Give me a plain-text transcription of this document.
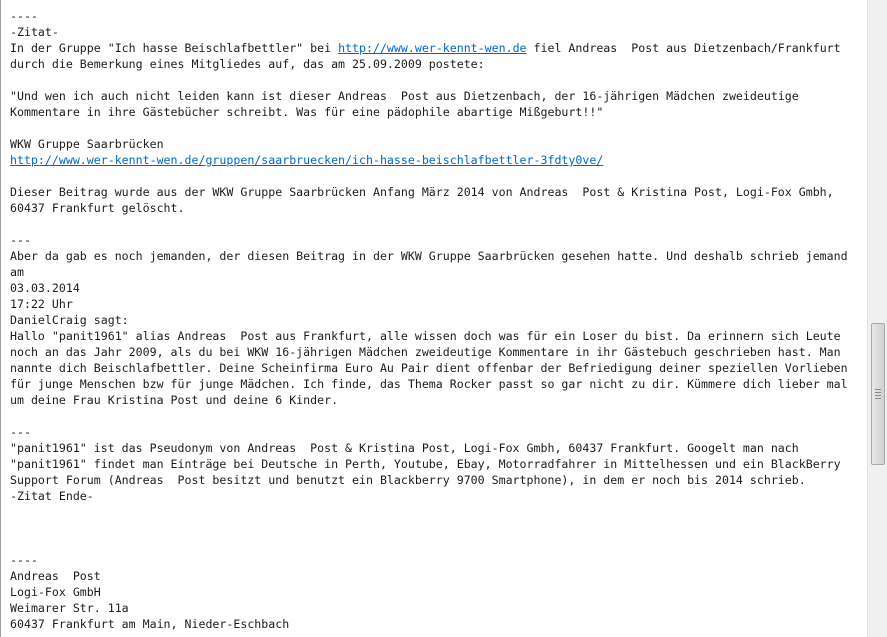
----
-Zitat-
In der Gruppe "Ich hasse Beischlafbettler" bei http://www.wer-kennt-wen.de fiel Andreas  Post aus Dietzenbach/Frankfurt
durch die Bemerkung eines Mitgliedes auf, das am 25.09.2009 postete:
"Und wen ich auch nicht leiden kann ist dieser Andreas  Post aus Dietzenbach, der 16-jährigen Mädchen zweideutige
Kommentare in ihre Gästebücher schreibt. Was für eine pädophile abartige Mißgeburt!!"
WKW Gruppe Saarbrücken
http://www.wer-kennt-wen.de/gruppen/saarbruecken/ich-hasse-beischlafbettler-3fdty0ve/
Dieser Beitrag wurde aus der WKW Gruppe Saarbrücken Anfang März 2014 von Andreas  Post & Kristina Post, Logi-Fox Gmbh,
60437 Frankfurt gelöscht.
---
Aber da gab es noch jemanden, der diesen Beitrag in der WKW Gruppe Saarbrücken gesehen hatte. Und deshalb schrieb jemand
am
03.03.2014
17:22 Uhr
DanielCraig sagt:
Hallo "panit1961" alias Andreas  Post aus Frankfurt, alle wissen doch was für ein Loser du bist. Da erinnern sich Leute
noch an das Jahr 2009, als du bei WKW 16-jährigen Mädchen zweideutige Kommentare in ihr Gästebuch geschrieben hast. Man
nannte dich Beischlafbettler. Deine Scheinfirma Euro Au Pair dient offenbar der Befriedigung deiner speziellen Vorlieben
für junge Menschen bzw für junge Mädchen. Ich finde, das Thema Rocker passt so gar nicht zu dir. Kümmere dich lieber mal
um deine Frau Kristina Post und deine 6 Kinder.
---
"panit1961" ist das Pseudonym von Andreas  Post & Kristina Post, Logi-Fox Gmbh, 60437 Frankfurt. Googelt man nach
"panit1961" findet man Einträge bei Deutsche in Perth, Youtube, Ebay, Motorradfahrer in Mittelhessen und ein BlackBerry
Support Forum (Andreas  Post besitzt und benutzt ein Blackberry 9700 Smartphone), in dem er noch bis 2014 schrieb.
-Zitat Ende-
----
Andreas  Post
Logi-Fox GmbH
Weimarer Str. 11a
60437 Frankfurt am Main, Nieder-Eschbach
